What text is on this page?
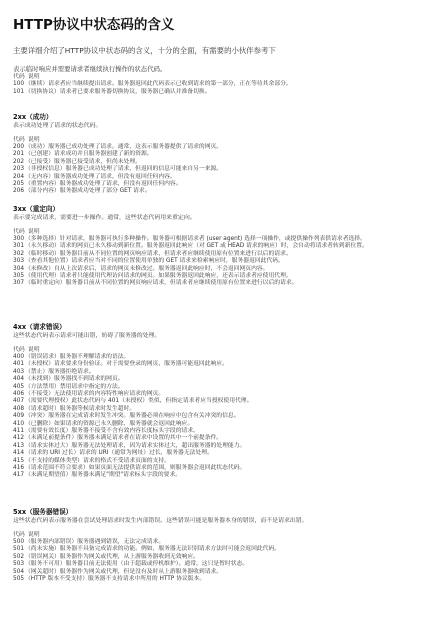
HTTP协议中状态码的含义
主要详细介绍了HTTP协议中状态码的含义，十分的全面，有需要的小伙伴参考下
表示临时响应并需要请求者继续执行操作的状态代码。
代码 说明
100 （继续）请求者应当继续提出请求。服务器返回此代码表示已收到请求的第一部分，正在等待其余部分。
101 （切换协议）请求者已要求服务器切换协议，服务器已确认并准备切换。
2xx（成功）
表示成功处理了请求的状态代码。
代码 说明
200 （成功）服务器已成功处理了请求。通常，这表示服务器提供了请求的网页。
201 （已创建）请求成功并且服务器创建了新的资源。
202 （已接受）服务器已接受请求，但尚未处理。
203 （非授权信息）服务器已成功处理了请求，但返回的信息可能来自另一来源。
204 （无内容）服务器成功处理了请求，但没有返回任何内容。
205 （重置内容）服务器成功处理了请求，但没有返回任何内容。
206 （部分内容）服务器成功处理了部分 GET 请求。
3xx（重定向）
表示要完成请求，需要进一步操作。通常，这些状态代码用来重定向。
代码 说明
300 （多种选择）针对请求，服务器可执行多种操作。服务器可根据请求者 (user agent) 选择一项操作，或提供操作列表供请求者选择。
301 （永久移动）请求的网页已永久移动到新位置。服务器返回此响应（对 GET 或 HEAD 请求的响应）时，会自动将请求者转到新位置。
302 （临时移动）服务器目前从不同位置的网页响应请求，但请求者应继续使用原有位置来进行以后的请求。
303 （查看其他位置）请求者应当对不同的位置使用单独的 GET 请求来检索响应时，服务器返回此代码。
304 （未修改）自从上次请求后，请求的网页未修改过。服务器返回此响应时，不会返回网页内容。
305 （使用代理）请求者只能使用代理访问请求的网页。如果服务器返回此响应，还表示请求者应使用代理。
307 （临时重定向）服务器目前从不同位置的网页响应请求，但请求者应继续使用原有位置来进行以后的请求。
4xx（请求错误）
这些状态代码表示请求可能出错，妨碍了服务器的处理。
代码 说明
400 （错误请求）服务器不理解请求的语法。
401 （未授权）请求要求身份验证。对于需要登录的网页，服务器可能返回此响应。
403 （禁止）服务器拒绝请求。
404 （未找到）服务器找不到请求的网页。
405 （方法禁用）禁用请求中指定的方法。
406 （不接受）无法使用请求的内容特性响应请求的网页。
407 （需要代理授权）此状态代码与 401（未授权）类似，但指定请求者应当授权使用代理。
408 （请求超时）服务器等候请求时发生超时。
409 （冲突）服务器在完成请求时发生冲突。服务器必须在响应中包含有关冲突的信息。
410 （已删除）如果请求的资源已永久删除，服务器就会返回此响应。
411 （需要有效长度）服务器不接受不含有效内容长度标头字段的请求。
412 （未满足前提条件）服务器未满足请求者在请求中设置的其中一个前提条件。
413 （请求实体过大）服务器无法处理请求，因为请求实体过大，超出服务器的处理能力。
414 （请求的 URI 过长）请求的 URI（通常为网址）过长，服务器无法处理。
415 （不支持的媒体类型）请求的格式不受请求页面的支持。
416 （请求范围不符合要求）如果页面无法提供请求的范围，则服务器会返回此状态代码。
417 （未满足期望值）服务器未满足"期望"请求标头字段的要求。
5xx（服务器错误）
这些状态代码表示服务器在尝试处理请求时发生内部错误。这些错误可能是服务器本身的错误，而不是请求出错。
代码 说明
500 （服务器内部错误）服务器遇到错误，无法完成请求。
501 （尚未实施）服务器不具备完成请求的功能。例如，服务器无法识别请求方法时可能会返回此代码。
502 （错误网关）服务器作为网关或代理，从上游服务器收到无效响应。
503 （服务不可用）服务器目前无法使用（由于超载或停机维护）。通常，这只是暂时状态。
504 （网关超时）服务器作为网关或代理，但是没有及时从上游服务器收到请求。
505 （HTTP 版本不受支持）服务器不支持请求中所用的 HTTP 协议版本。
